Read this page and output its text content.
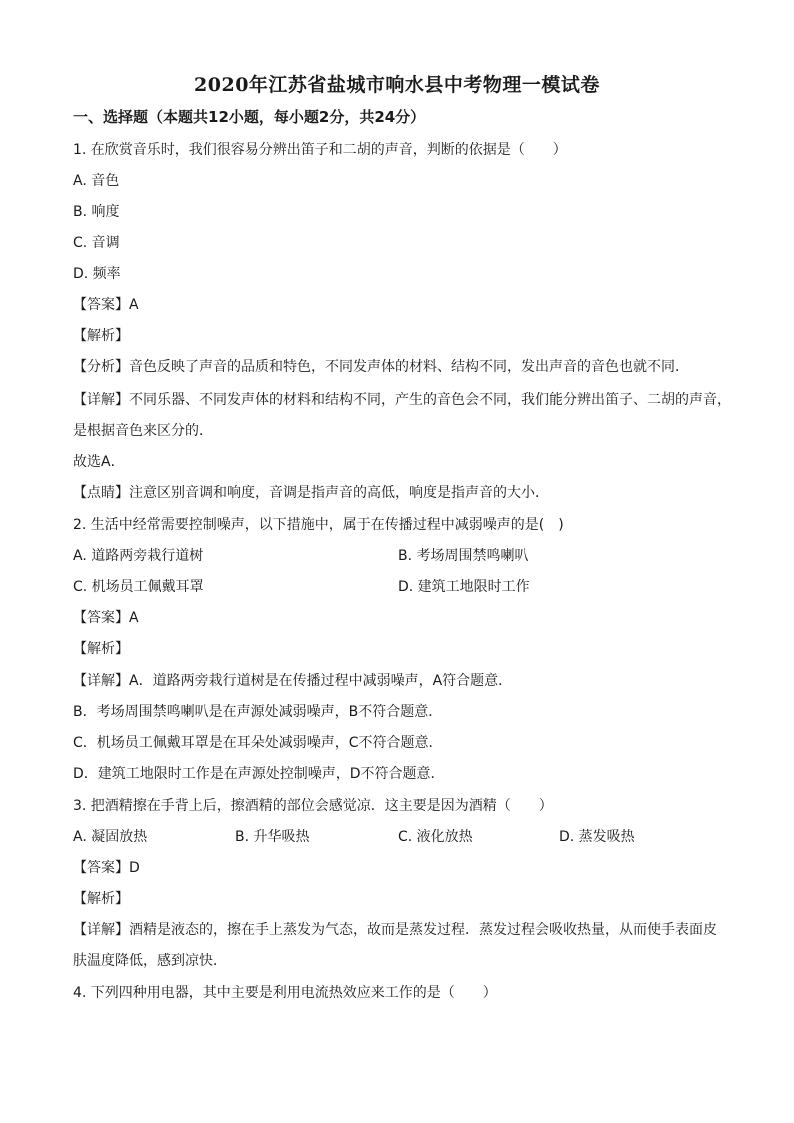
2020年江苏省盐城市响水县中考物理一模试卷
一、选择题（本题共12小题，每小题2分，共24分）
1. 在欣赏音乐时，我们很容易分辨出笛子和二胡的声音，判断的依据是（　　）
A. 音色
B. 响度
C. 音调
D. 频率
【答案】A
【解析】
【分析】音色反映了声音的品质和特色，不同发声体的材料、结构不同，发出声音的音色也就不同．
【详解】不同乐器、不同发声体的材料和结构不同，产生的音色会不同，我们能分辨出笛子、二胡的声音，
是根据音色来区分的．
故选A．
【点睛】注意区别音调和响度，音调是指声音的高低，响度是指声音的大小．
2. 生活中经常需要控制噪声，以下措施中，属于在传播过程中减弱噪声的是(　)
A. 道路两旁栽行道树	B. 考场周围禁鸣喇叭
C. 机场员工佩戴耳罩	D. 建筑工地限时工作
【答案】A
【解析】
【详解】A．道路两旁栽行道树是在传播过程中减弱噪声，A符合题意．
B．考场周围禁鸣喇叭是在声源处减弱噪声，B不符合题意．
C．机场员工佩戴耳罩是在耳朵处减弱噪声，C不符合题意．
D．建筑工地限时工作是在声源处控制噪声，D不符合题意．
3. 把酒精擦在手背上后，擦酒精的部位会感觉凉．这主要是因为酒精（　　）
A. 凝固放热	B. 升华吸热	C. 液化放热	D. 蒸发吸热
【答案】D
【解析】
【详解】酒精是液态的，擦在手上蒸发为气态，故而是蒸发过程．蒸发过程会吸收热量，从而使手表面皮
肤温度降低，感到凉快．
4. 下列四种用电器，其中主要是利用电流热效应来工作的是（　　）
